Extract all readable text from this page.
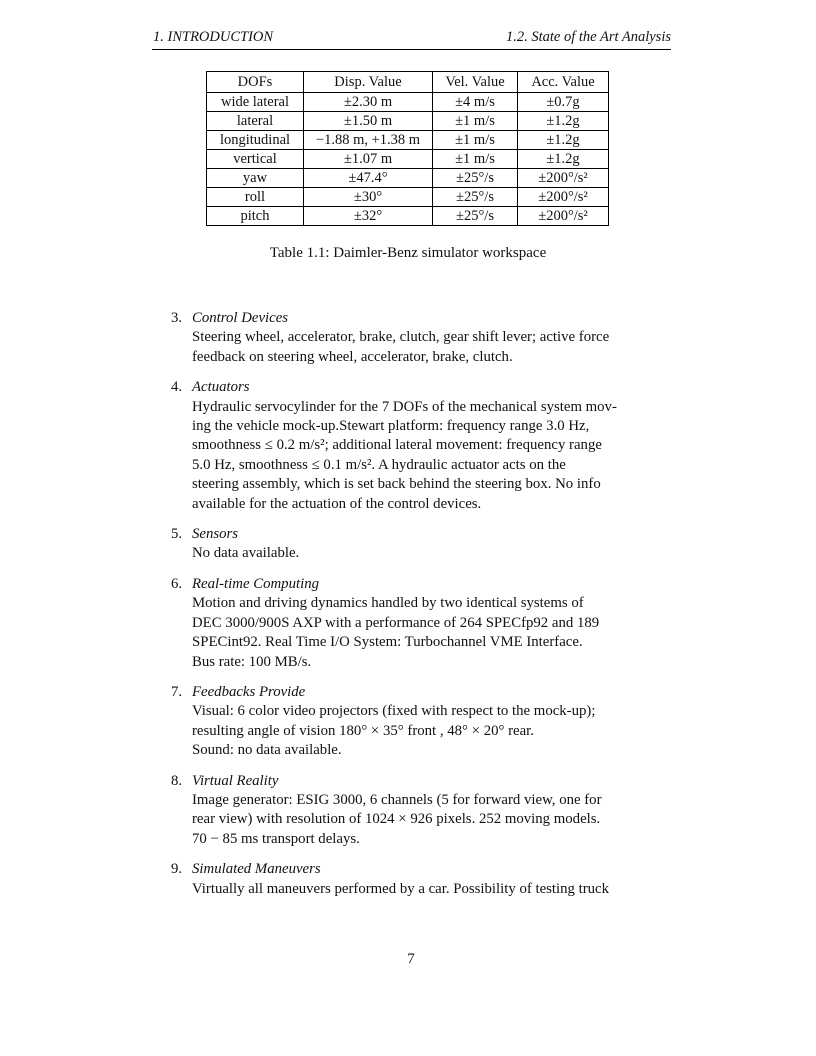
1. INTRODUCTION	1.2. State of the Art Analysis
DOFs	Disp. Value	Vel. Value	Acc. Value
wide lateral	±2.30 m	±4 m/s	±0.7g
lateral	±1.50 m	±1 m/s	±1.2g
longitudinal	−1.88 m, +1.38 m	±1 m/s	±1.2g
vertical	±1.07 m	±1 m/s	±1.2g
yaw	±47.4°	±25°/s	±200°/s²
roll	±30°	±25°/s	±200°/s²
pitch	±32°	±25°/s	±200°/s²
Table 1.1: Daimler-Benz simulator workspace
3. Control Devices
Steering wheel, accelerator, brake, clutch, gear shift lever; active force
feedback on steering wheel, accelerator, brake, clutch.
4. Actuators
Hydraulic servocylinder for the 7 DOFs of the mechanical system mov-
ing the vehicle mock-up.Stewart platform: frequency range 3.0 Hz,
smoothness ≤ 0.2 m/s²; additional lateral movement: frequency range
5.0 Hz, smoothness ≤ 0.1 m/s². A hydraulic actuator acts on the
steering assembly, which is set back behind the steering box. No info
available for the actuation of the control devices.
5. Sensors
No data available.
6. Real-time Computing
Motion and driving dynamics handled by two identical systems of
DEC 3000/900S AXP with a performance of 264 SPECfp92 and 189
SPECint92. Real Time I/O System: Turbochannel VME Interface.
Bus rate: 100 MB/s.
7. Feedbacks Provide
Visual: 6 color video projectors (fixed with respect to the mock-up);
resulting angle of vision 180° × 35° front , 48° × 20° rear.
Sound: no data available.
8. Virtual Reality
Image generator: ESIG 3000, 6 channels (5 for forward view, one for
rear view) with resolution of 1024 × 926 pixels. 252 moving models.
70 − 85 ms transport delays.
9. Simulated Maneuvers
Virtually all maneuvers performed by a car. Possibility of testing truck
7
